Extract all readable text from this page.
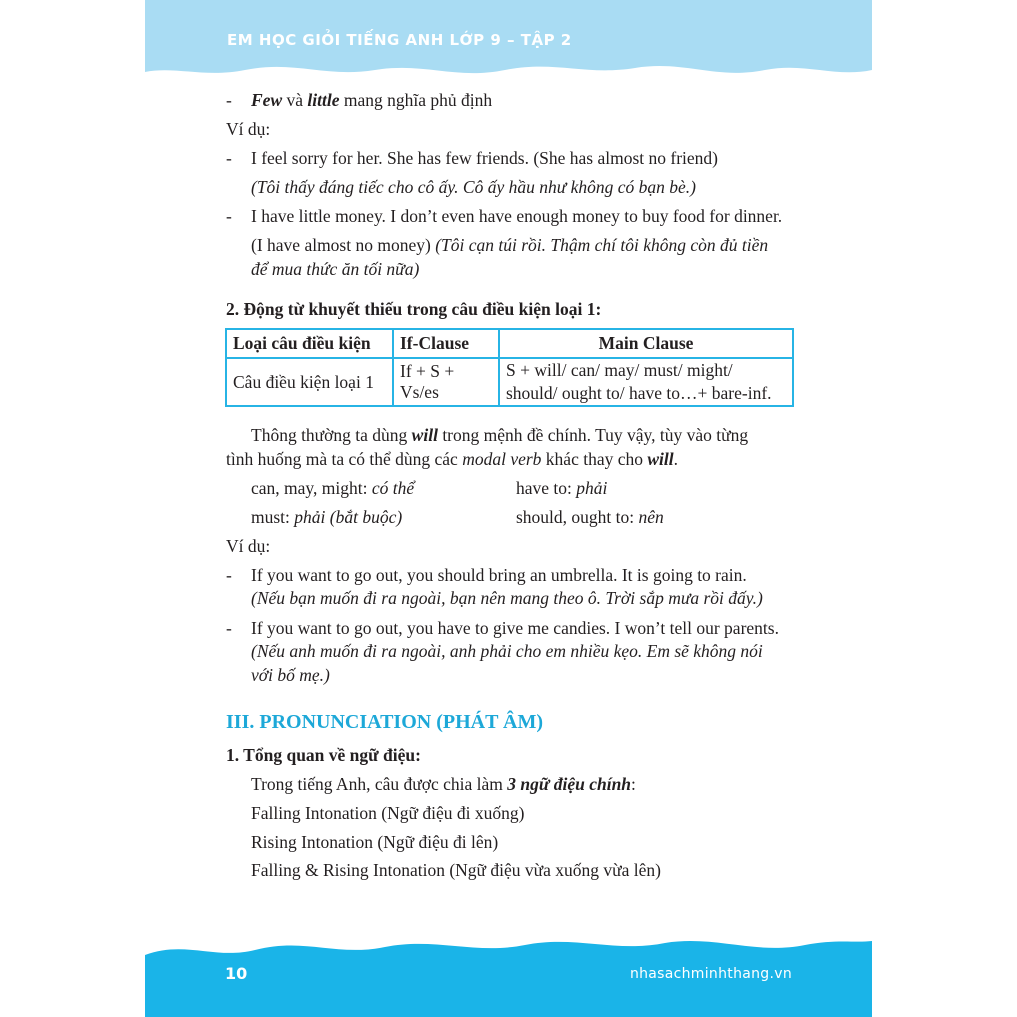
EM HỌC GIỎI TIẾNG ANH LỚP 9 – TẬP 2
10	nhasachminhthang.vn
- Few và little mang nghĩa phủ định
Ví dụ:
- I feel sorry for her. She has few friends. (She has almost no friend)
(Tôi thấy đáng tiếc cho cô ấy. Cô ấy hầu như không có bạn bè.)
- I have little money. I don’t even have enough money to buy food for dinner.
(I have almost no money) (Tôi cạn túi rồi. Thậm chí tôi không còn đủ tiền
để mua thức ăn tối nữa)
2. Động từ khuyết thiếu trong câu điều kiện loại 1:
Loại câu điều kiện	If-Clause	Main Clause
Câu điều kiện loại 1	If + S + Vs/es	S + will/ can/ may/ must/ might/
should/ ought to/ have to…+ bare-inf.
Thông thường ta dùng will trong mệnh đề chính. Tuy vậy, tùy vào từng
tình huống mà ta có thể dùng các modal verb khác thay cho will.
can, may, might: có thể	have to: phải
must: phải (bắt buộc)	should, ought to: nên
Ví dụ:
- If you want to go out, you should bring an umbrella. It is going to rain.
(Nếu bạn muốn đi ra ngoài, bạn nên mang theo ô. Trời sắp mưa rồi đấy.)
- If you want to go out, you have to give me candies. I won’t tell our parents.
(Nếu anh muốn đi ra ngoài, anh phải cho em nhiều kẹo. Em sẽ không nói
với bố mẹ.)
III. PRONUNCIATION (PHÁT ÂM)
1. Tổng quan về ngữ điệu:
Trong tiếng Anh, câu được chia làm 3 ngữ điệu chính:
Falling Intonation (Ngữ điệu đi xuống)
Rising Intonation (Ngữ điệu đi lên)
Falling & Rising Intonation (Ngữ điệu vừa xuống vừa lên)
